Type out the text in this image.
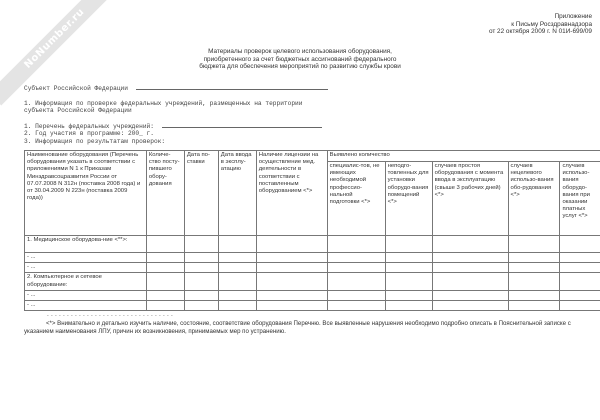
NoNumber.ru	Приложение
к Письму Росздравнадзора
от 22 октября 2009 г. N 01И-699/09
Материалы проверок целевого использования оборудования,
приобретенного за счет бюджетных ассигнований федерального
бюджета для обеспечения мероприятий по развитию службы крови
Субъект Российской Федерации
1. Информация по проверке федеральных учреждений, размещенных на территории
субъекта Российской Федерации
1. Перечень федеральных учреждений:
2. Год участия в программе: 200_ г.
3. Информация по результатам проверок:
Наименование оборудования (Перечень оборудования указать в соответствии с приложениями N 1 к Приказам Минздравсоцразвития России от 07.07.2008 N 312н (поставка 2008 года) и от 30.04.2009 N 223н (поставка 2009 года))	Количе-ство посту-пившего обору-дования	Дата по-ставки	Дата ввода в эксплу-атацию	Наличие лицензии на осуществление мед. деятельности в соответствии с поставленным оборудованием <*>	Выявлено количество				
					специалис-тов, не имеющих необходимой профессио-нальной подготовки <*>	неподго-товленных для установки оборудо-вания помещений <*>	случаев простоя оборудования с момента ввода в эксплуатацию (свыше 3 рабочих дней) <*>	случаев нецелевого использо-вания обо-рудования <*>	случаев использо-вания оборудо-вания при оказании платных услуг <*>
1. Медицинское оборудова-ние <**>:									
- ...									
- ...									
2. Компьютерное и сетевое оборудование:									
- ...									
- ...									
--------------------------------
<*> Внимательно и детально изучить наличие, состояние, соответствие оборудования Перечню. Все выявленные нарушения необходимо подробно описать в Пояснительной записке с указанием наименования ЛПУ, причин их возникновения, принимаемых мер по устранению.
